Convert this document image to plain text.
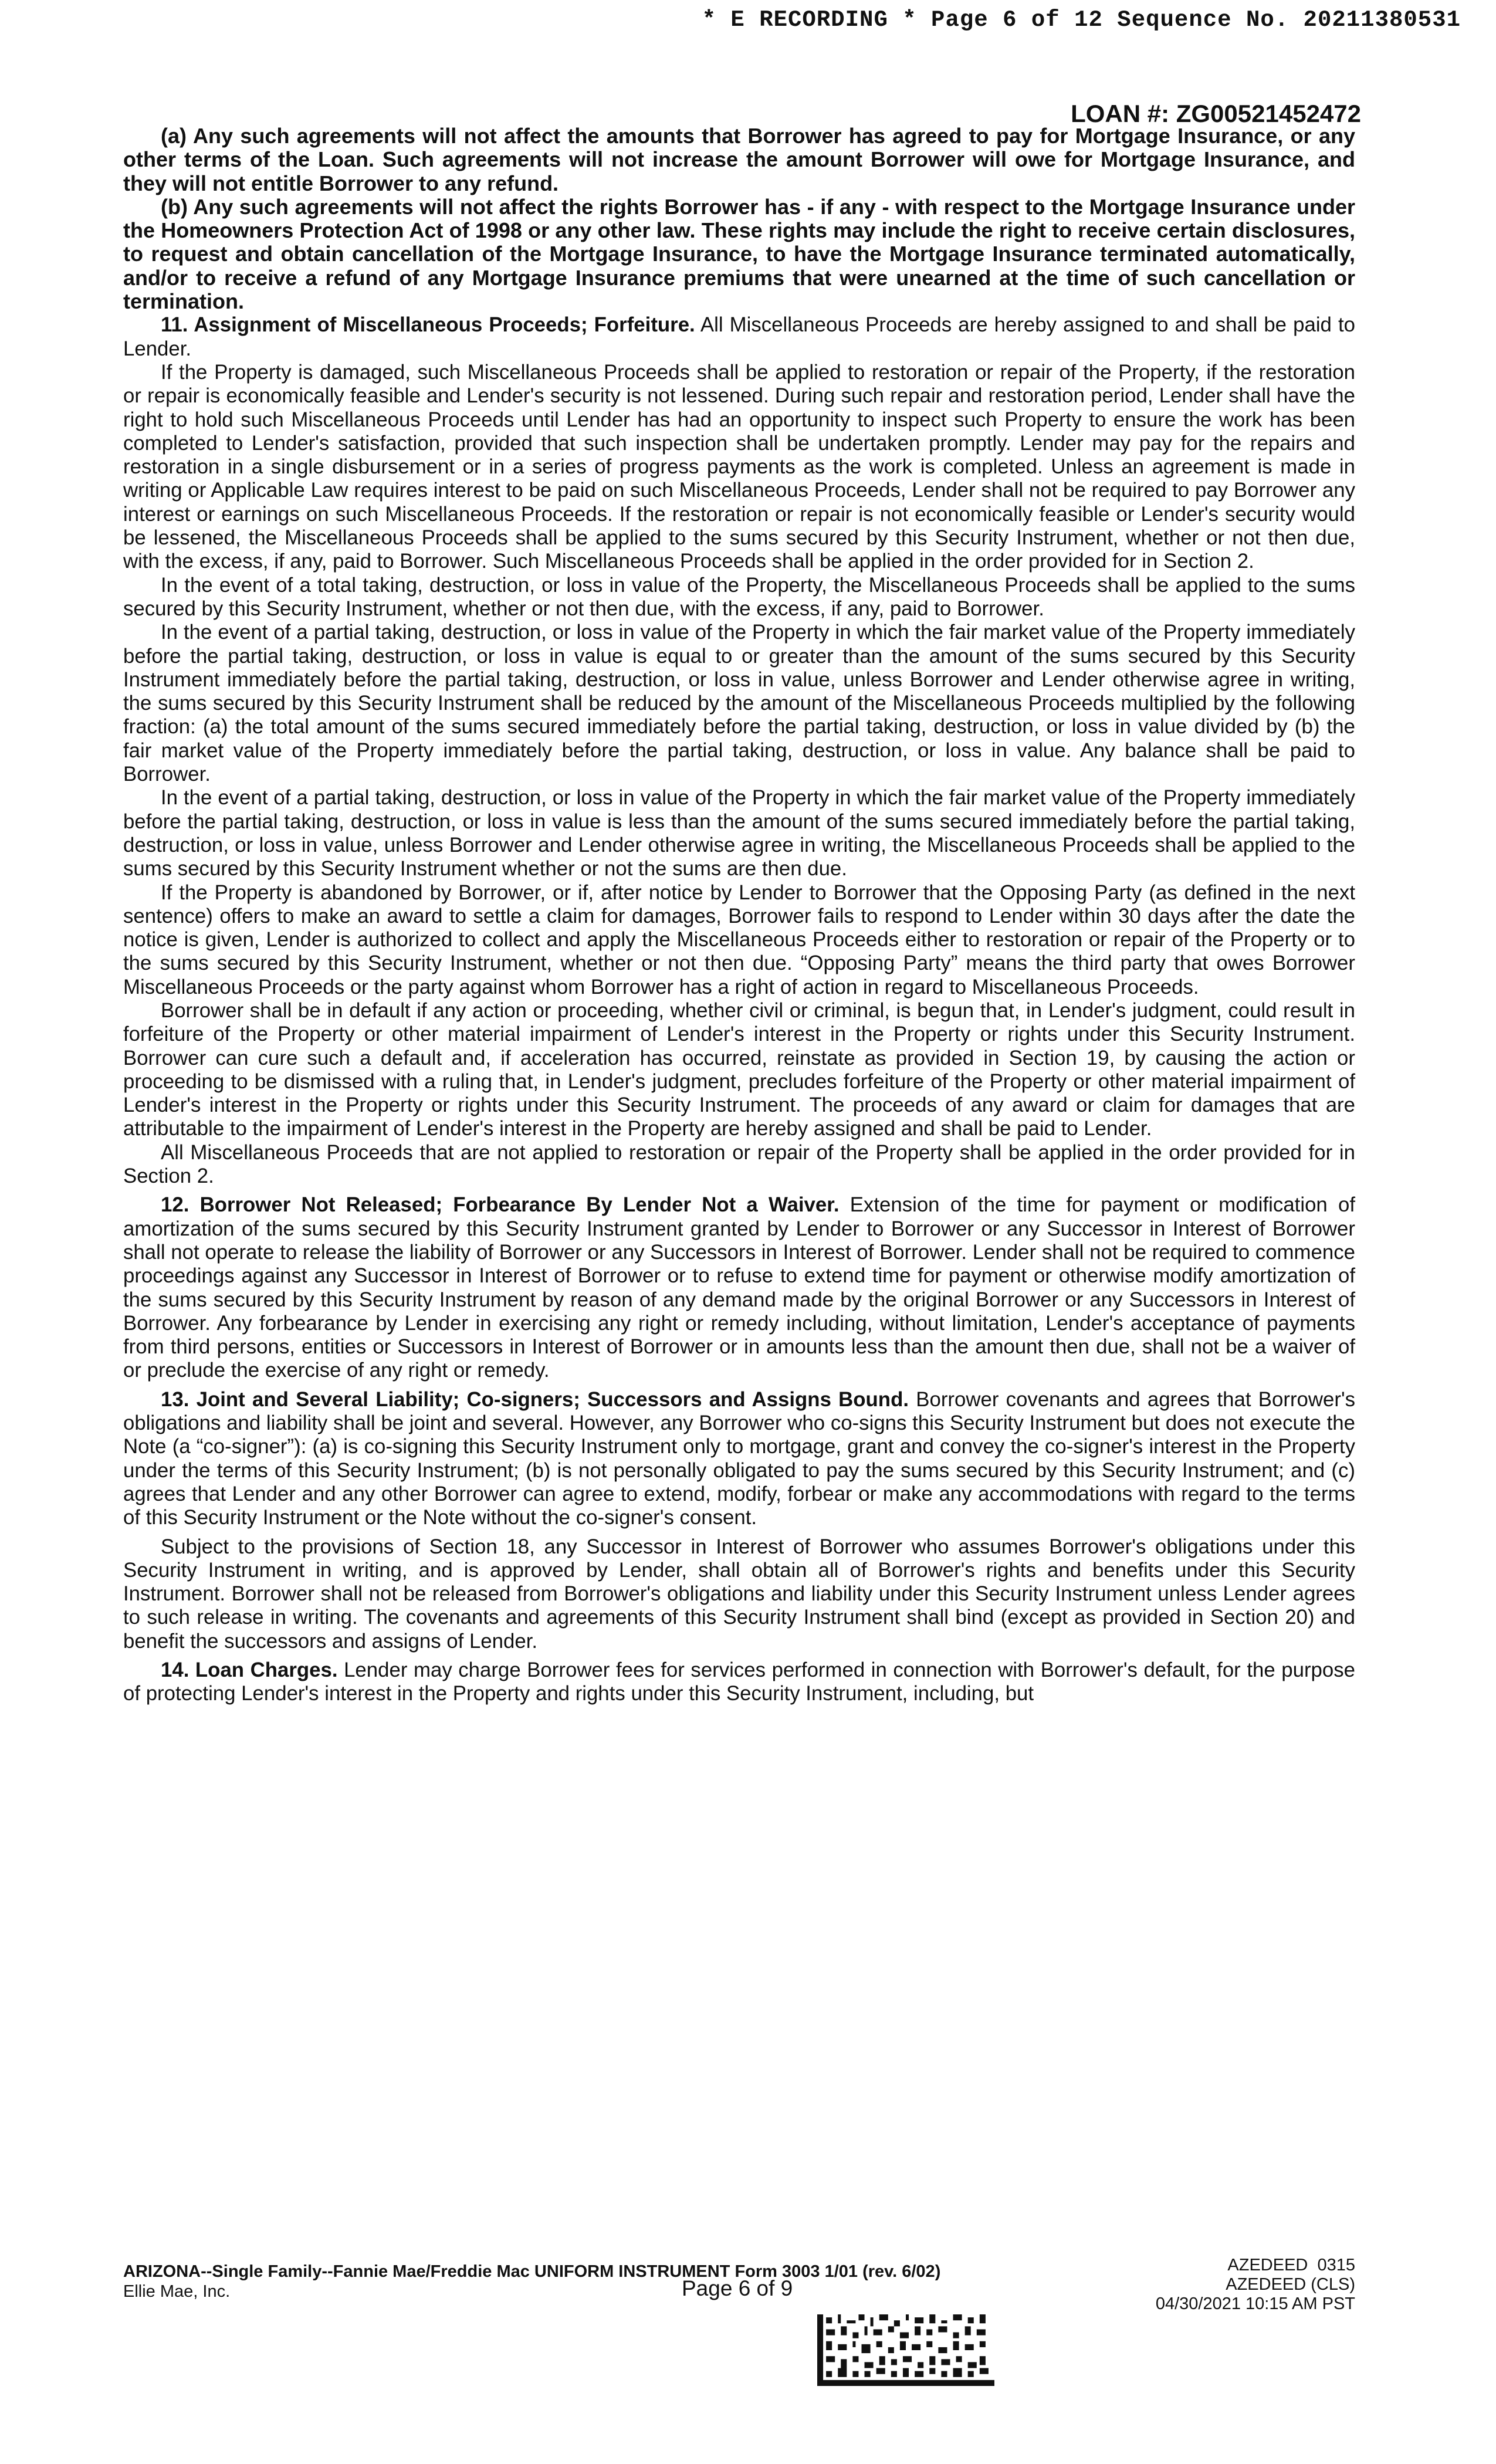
* E RECORDING * Page 6 of 12 Sequence No. 20211380531
LOAN #: ZG00521452472

(a) Any such agreements will not affect the amounts that Borrower has agreed to pay for Mortgage Insurance, or any other terms of the Loan. Such agreements will not increase the amount Borrower will owe for Mortgage Insurance, and they will not entitle Borrower to any refund.

(b) Any such agreements will not affect the rights Borrower has - if any - with respect to the Mortgage Insurance under the Homeowners Protection Act of 1998 or any other law. These rights may include the right to receive certain disclosures, to request and obtain cancellation of the Mortgage Insurance, to have the Mortgage Insurance terminated automatically, and/or to receive a refund of any Mortgage Insurance premiums that were unearned at the time of such cancellation or termination.

11. Assignment of Miscellaneous Proceeds; Forfeiture. All Miscellaneous Proceeds are hereby assigned to and shall be paid to Lender.

If the Property is damaged, such Miscellaneous Proceeds shall be applied to restoration or repair of the Property, if the restoration or repair is economically feasible and Lender's security is not lessened. During such repair and restoration period, Lender shall have the right to hold such Miscellaneous Proceeds until Lender has had an opportunity to inspect such Property to ensure the work has been completed to Lender's satisfaction, provided that such inspection shall be undertaken promptly. Lender may pay for the repairs and restoration in a single disbursement or in a series of progress payments as the work is completed. Unless an agreement is made in writing or Applicable Law requires interest to be paid on such Miscellaneous Proceeds, Lender shall not be required to pay Borrower any interest or earnings on such Miscellaneous Proceeds. If the restoration or repair is not economically feasible or Lender's security would be lessened, the Miscellaneous Proceeds shall be applied to the sums secured by this Security Instrument, whether or not then due, with the excess, if any, paid to Borrower. Such Miscellaneous Proceeds shall be applied in the order provided for in Section 2.

In the event of a total taking, destruction, or loss in value of the Property, the Miscellaneous Proceeds shall be applied to the sums secured by this Security Instrument, whether or not then due, with the excess, if any, paid to Borrower.

In the event of a partial taking, destruction, or loss in value of the Property in which the fair market value of the Property immediately before the partial taking, destruction, or loss in value is equal to or greater than the amount of the sums secured by this Security Instrument immediately before the partial taking, destruction, or loss in value, unless Borrower and Lender otherwise agree in writing, the sums secured by this Security Instrument shall be reduced by the amount of the Miscellaneous Proceeds multiplied by the following fraction: (a) the total amount of the sums secured immediately before the partial taking, destruction, or loss in value divided by (b) the fair market value of the Property immediately before the partial taking, destruction, or loss in value. Any balance shall be paid to Borrower.

In the event of a partial taking, destruction, or loss in value of the Property in which the fair market value of the Property immediately before the partial taking, destruction, or loss in value is less than the amount of the sums secured immediately before the partial taking, destruction, or loss in value, unless Borrower and Lender otherwise agree in writing, the Miscellaneous Proceeds shall be applied to the sums secured by this Security Instrument whether or not the sums are then due.

If the Property is abandoned by Borrower, or if, after notice by Lender to Borrower that the Opposing Party (as defined in the next sentence) offers to make an award to settle a claim for damages, Borrower fails to respond to Lender within 30 days after the date the notice is given, Lender is authorized to collect and apply the Miscellaneous Proceeds either to restoration or repair of the Property or to the sums secured by this Security Instrument, whether or not then due. “Opposing Party” means the third party that owes Borrower Miscellaneous Proceeds or the party against whom Borrower has a right of action in regard to Miscellaneous Proceeds.

Borrower shall be in default if any action or proceeding, whether civil or criminal, is begun that, in Lender's judgment, could result in forfeiture of the Property or other material impairment of Lender's interest in the Property or rights under this Security Instrument. Borrower can cure such a default and, if acceleration has occurred, reinstate as provided in Section 19, by causing the action or proceeding to be dismissed with a ruling that, in Lender's judgment, precludes forfeiture of the Property or other material impairment of Lender's interest in the Property or rights under this Security Instrument. The proceeds of any award or claim for damages that are attributable to the impairment of Lender's interest in the Property are hereby assigned and shall be paid to Lender.

All Miscellaneous Proceeds that are not applied to restoration or repair of the Property shall be applied in the order provided for in Section 2.

12. Borrower Not Released; Forbearance By Lender Not a Waiver. Extension of the time for payment or modification of amortization of the sums secured by this Security Instrument granted by Lender to Borrower or any Successor in Interest of Borrower shall not operate to release the liability of Borrower or any Successors in Interest of Borrower. Lender shall not be required to commence proceedings against any Successor in Interest of Borrower or to refuse to extend time for payment or otherwise modify amortization of the sums secured by this Security Instrument by reason of any demand made by the original Borrower or any Successors in Interest of Borrower. Any forbearance by Lender in exercising any right or remedy including, without limitation, Lender's acceptance of payments from third persons, entities or Successors in Interest of Borrower or in amounts less than the amount then due, shall not be a waiver of or preclude the exercise of any right or remedy.

13. Joint and Several Liability; Co-signers; Successors and Assigns Bound. Borrower covenants and agrees that Borrower's obligations and liability shall be joint and several. However, any Borrower who co-signs this Security Instrument but does not execute the Note (a “co-signer”): (a) is co-signing this Security Instrument only to mortgage, grant and convey the co-signer's interest in the Property under the terms of this Security Instrument; (b) is not personally obligated to pay the sums secured by this Security Instrument; and (c) agrees that Lender and any other Borrower can agree to extend, modify, forbear or make any accommodations with regard to the terms of this Security Instrument or the Note without the co-signer's consent.

Subject to the provisions of Section 18, any Successor in Interest of Borrower who assumes Borrower's obligations under this Security Instrument in writing, and is approved by Lender, shall obtain all of Borrower's rights and benefits under this Security Instrument. Borrower shall not be released from Borrower's obligations and liability under this Security Instrument unless Lender agrees to such release in writing. The covenants and agreements of this Security Instrument shall bind (except as provided in Section 20) and benefit the successors and assigns of Lender.

14. Loan Charges. Lender may charge Borrower fees for services performed in connection with Borrower's default, for the purpose of protecting Lender's interest in the Property and rights under this Security Instrument, including, but

ARIZONA--Single Family--Fannie Mae/Freddie Mac UNIFORM INSTRUMENT Form 3003 1/01 (rev. 6/02)
Ellie Mae, Inc.	Page 6 of 9
AZEDEED  0315
AZEDEED (CLS)
04/30/2021 10:15 AM PST
